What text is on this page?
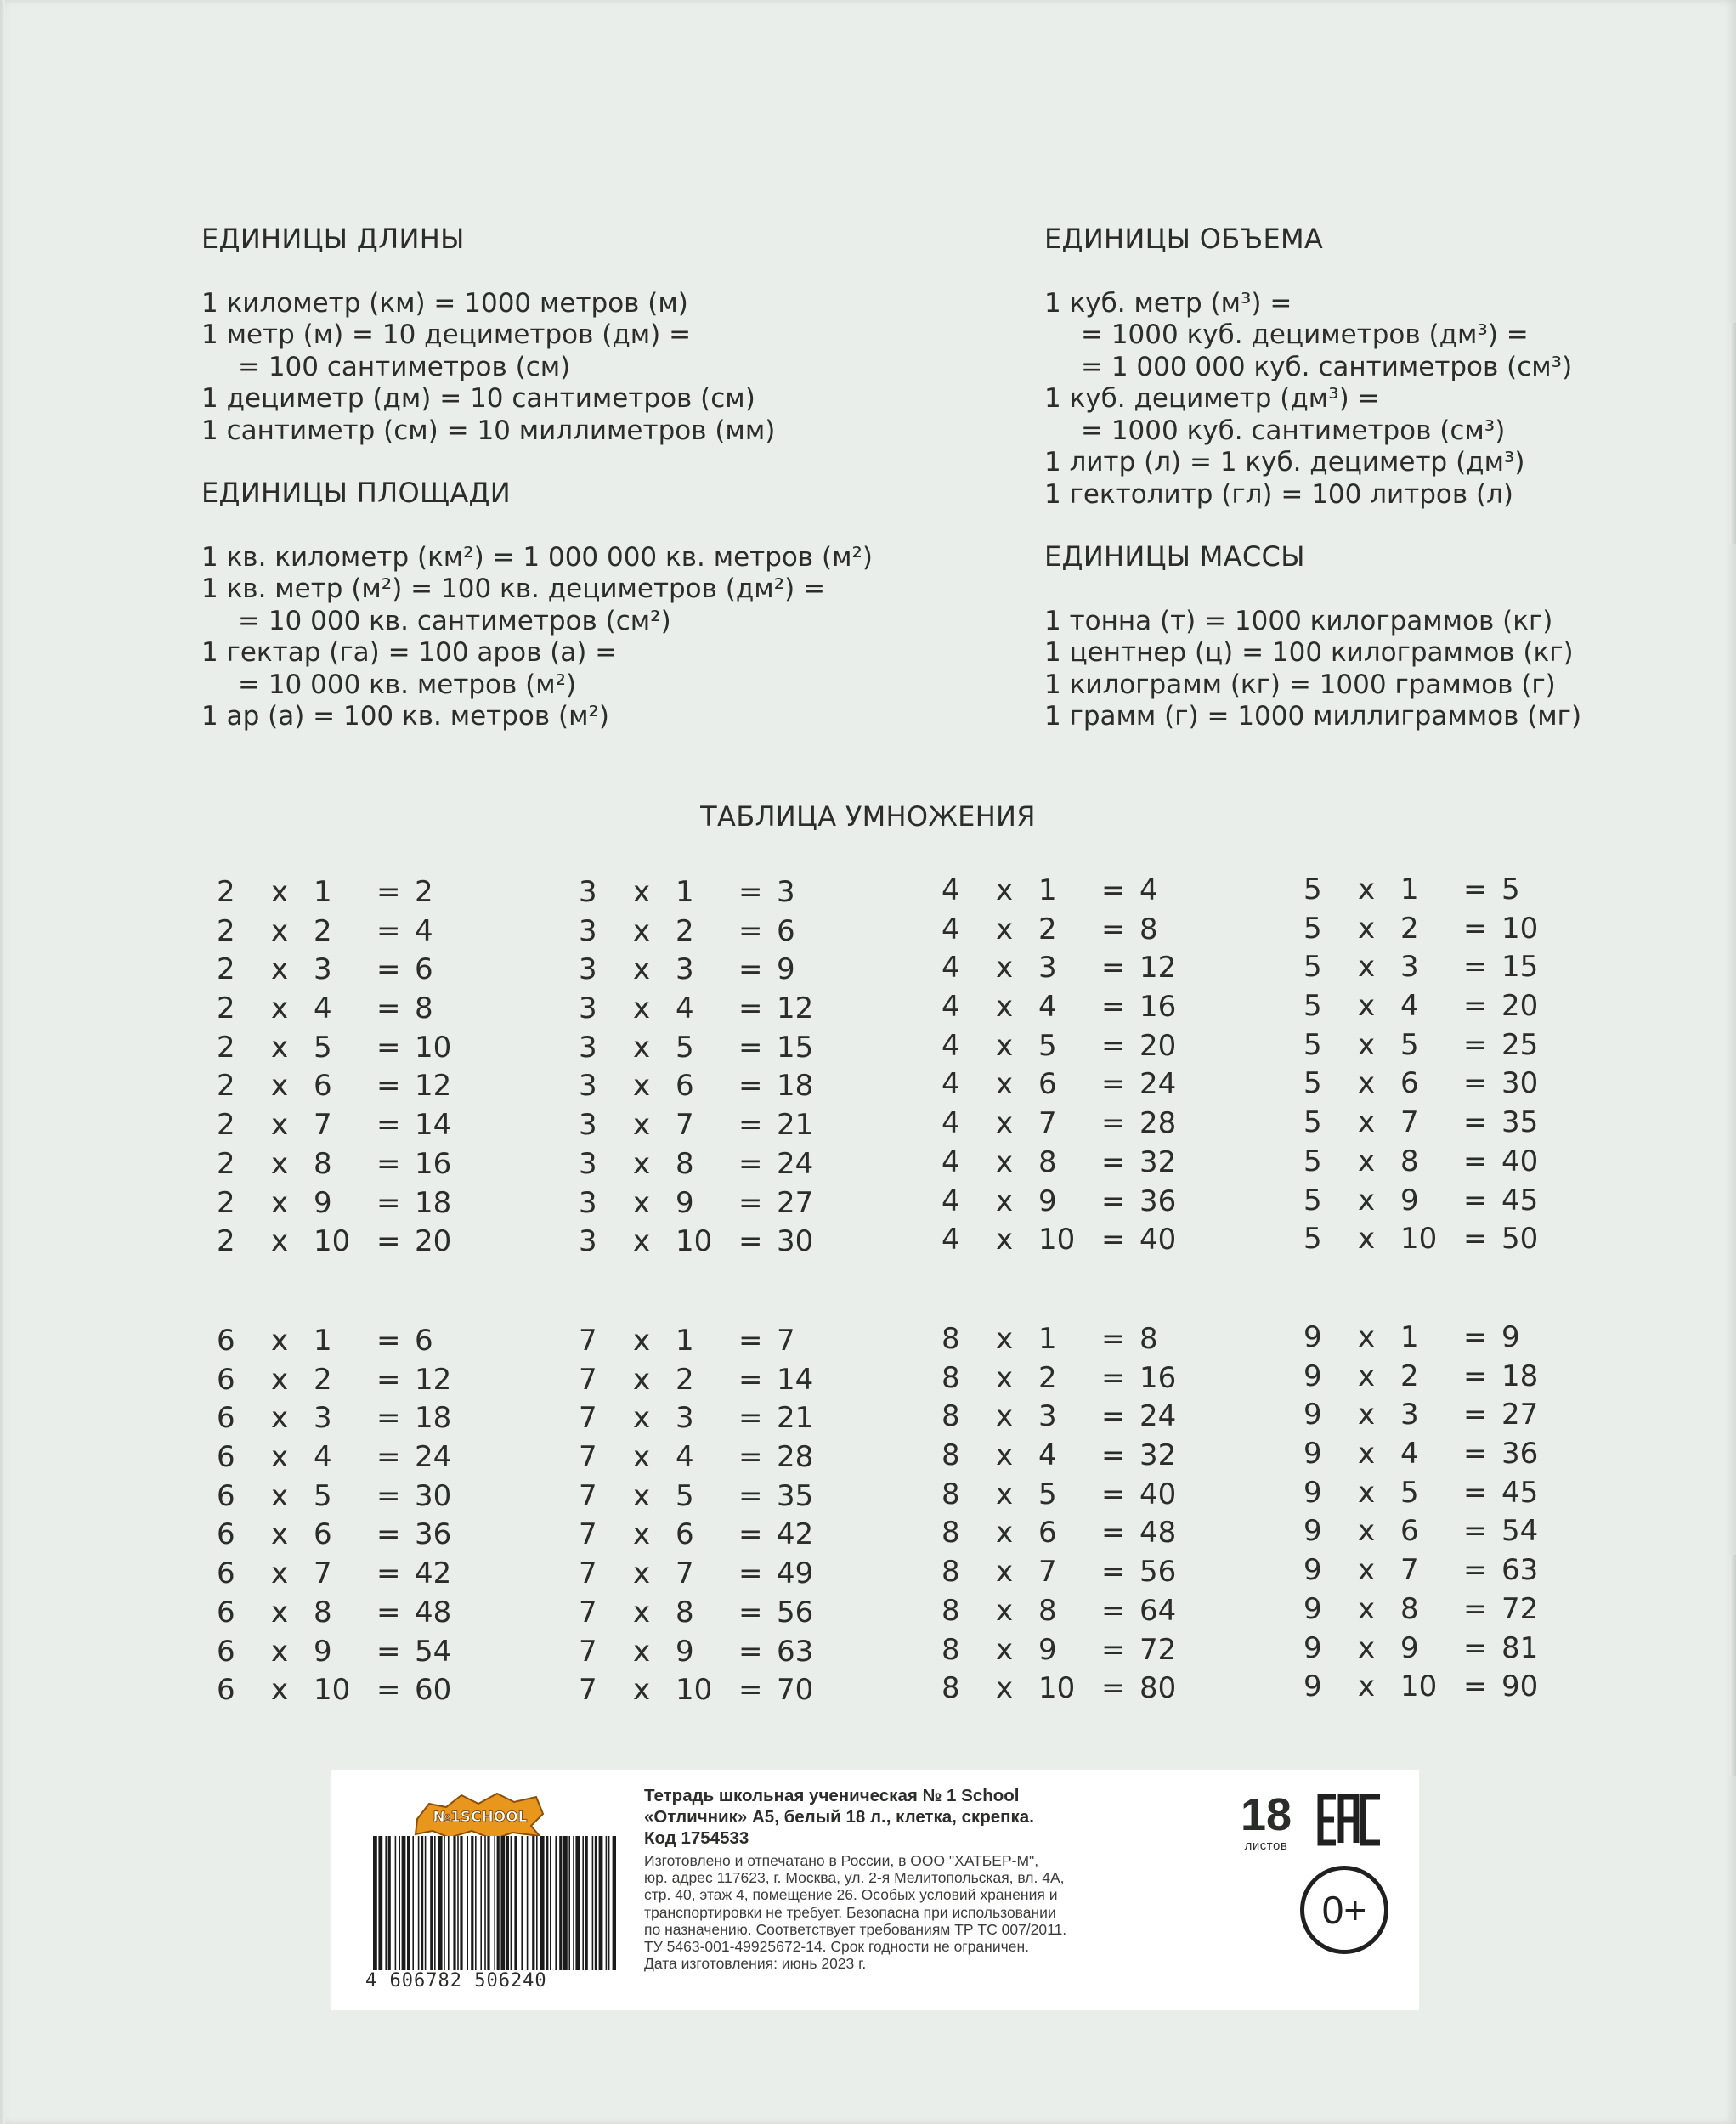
ЕДИНИЦЫ ДЛИНЫ
1 километр (км) = 1000 метров (м)
1 метр (м) = 10 дециметров (дм) =
= 100 сантиметров (см)
1 дециметр (дм) = 10 сантиметров (см)
1 сантиметр (см) = 10 миллиметров (мм)
ЕДИНИЦЫ ПЛОЩАДИ
1 кв. километр (км²) = 1 000 000 кв. метров (м²)
1 кв. метр (м²) = 100 кв. дециметров (дм²) =
= 10 000 кв. сантиметров (см²)
1 гектар (га) = 100 аров (а) =
= 10 000 кв. метров (м²)
1 ар (а) = 100 кв. метров (м²)
ЕДИНИЦЫ ОБЪЕМА
1 куб. метр (м³) =
= 1000 куб. дециметров (дм³) =
= 1 000 000 куб. сантиметров (см³)
1 куб. дециметр (дм³) =
= 1000 куб. сантиметров (см³)
1 литр (л) = 1 куб. дециметр (дм³)
1 гектолитр (гл) = 100 литров (л)
ЕДИНИЦЫ МАССЫ
1 тонна (т) = 1000 килограммов (кг)
1 центнер (ц) = 100 килограммов (кг)
1 килограмм (кг) = 1000 граммов (г)
1 грамм (г) = 1000 миллиграммов (мг)
ТАБЛИЦА УМНОЖЕНИЯ
2 x 1	= 2
2 x 2	= 4
2 x 3	= 6
2 x 4	= 8
2 x 5	= 10
2 x 6	= 12
2 x 7	= 14
2 x 8	= 16
2 x 9	= 18
2 x 10 = 20
3 x 1	= 3
3 x 2	= 6
3 x 3	= 9
3 x 4	= 12
3 x 5	= 15
3 x 6	= 18
3 x 7	= 21
3 x 8	= 24
3 x 9	= 27
3 x 10 = 30
4 x 1	= 4
4 x 2	= 8
4 x 3	= 12
4 x 4	= 16
4 x 5	= 20
4 x 6	= 24
4 x 7	= 28
4 x 8	= 32
4 x 9	= 36
4 x 10 = 40
5 x 1	= 5
5 x 2	= 10
5 x 3	= 15
5 x 4	= 20
5 x 5	= 25
5 x 6	= 30
5 x 7	= 35
5 x 8	= 40
5 x 9	= 45
5 x 10 = 50
6 x 1	= 6
6 x 2	= 12
6 x 3	= 18
6 x 4	= 24
6 x 5	= 30
6 x 6	= 36
6 x 7	= 42
6 x 8	= 48
6 x 9	= 54
6 x 10 = 60
7 x 1	= 7
7 x 2	= 14
7 x 3	= 21
7 x 4	= 28
7 x 5	= 35
7 x 6	= 42
7 x 7	= 49
7 x 8	= 56
7 x 9	= 63
7 x 10 = 70
8 x 1	= 8
8 x 2	= 16
8 x 3	= 24
8 x 4	= 32
8 x 5	= 40
8 x 6	= 48
8 x 7	= 56
8 x 8	= 64
8 x 9	= 72
8 x 10 = 80
9 x 1	= 9
9 x 2	= 18
9 x 3	= 27
9 x 4	= 36
9 x 5	= 45
9 x 6	= 54
9 x 7	= 63
9 x 8	= 72
9 x 9	= 81
9 x 10 = 90
№1SCHOOL
4 606782 506240
Тетрадь школьная ученическая № 1 School
«Отличник» А5, белый 18 л., клетка, скрепка.
Код 1754533
Изготовлено и отпечатано в России, в ООО "ХАТБЕР-М",
юр. адрес 117623, г. Москва, ул. 2-я Мелитопольская, вл. 4А,
стр. 40, этаж 4, помещение 26. Особых условий хранения и
транспортировки не требует. Безопасна при использовании
по назначению. Соответствует требованиям ТР ТС 007/2011.
ТУ 5463-001-49925672-14. Срок годности не ограничен.
Дата изготовления: июнь 2023 г.
18
листов
0+
